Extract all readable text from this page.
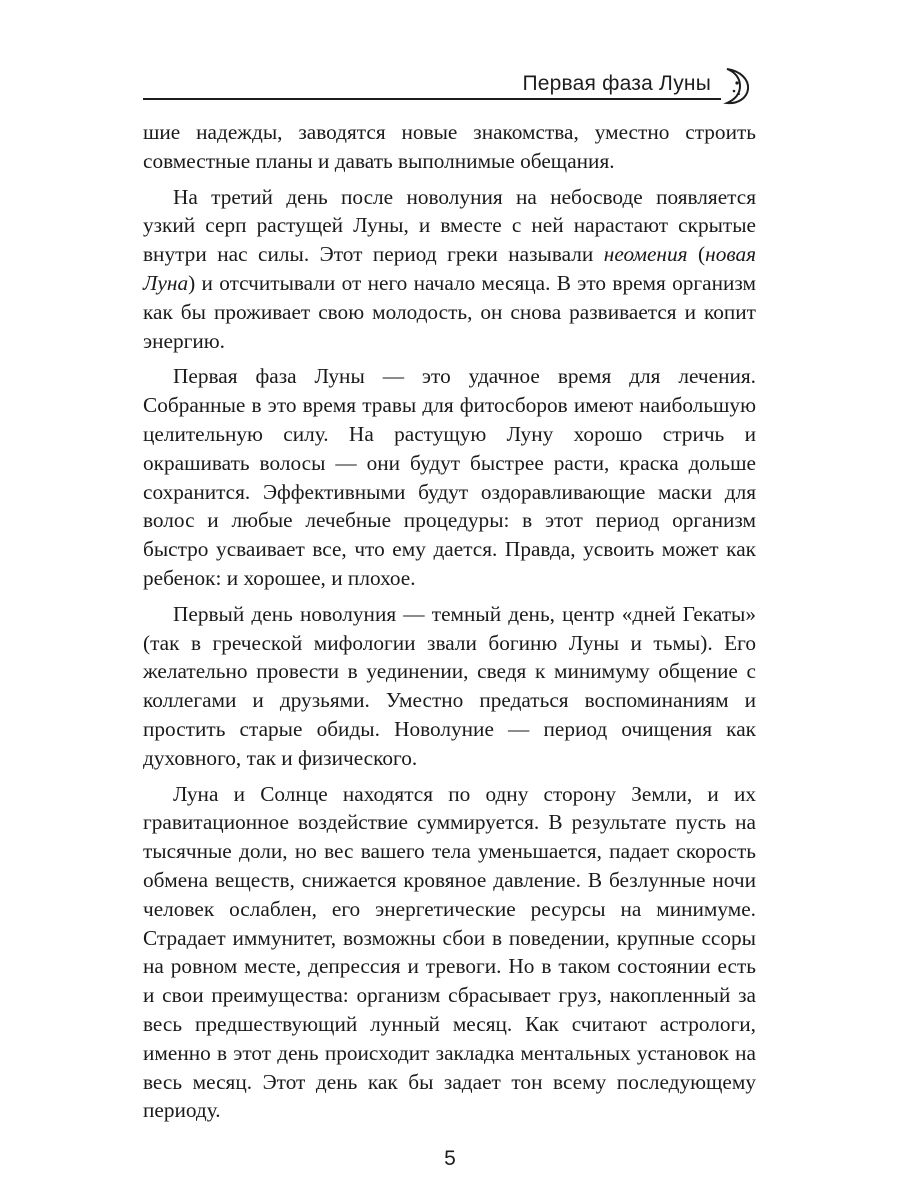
Первая фаза Луны

шие надежды, заводятся новые знакомства, уместно строить совместные планы и давать выполнимые обещания.

На третий день после новолуния на небосводе появляется узкий серп растущей Луны, и вместе с ней нарастают скрытые внутри нас силы. Этот период греки называли неомения (новая Луна) и отсчитывали от него начало месяца. В это время организм как бы проживает свою молодость, он снова развивается и копит энергию.

Первая фаза Луны — это удачное время для лечения. Собранные в это время травы для фитосборов имеют наибольшую целительную силу. На растущую Луну хорошо стричь и окрашивать волосы — они будут быстрее расти, краска дольше сохранится. Эффективными будут оздоравливающие маски для волос и любые лечебные процедуры: в этот период организм быстро усваивает все, что ему дается. Правда, усвоить может как ребенок: и хорошее, и плохое.

Первый день новолуния — темный день, центр «дней Гекаты» (так в греческой мифологии звали богиню Луны и тьмы). Его желательно провести в уединении, сведя к минимуму общение с коллегами и друзьями. Уместно предаться воспоминаниям и простить старые обиды. Новолуние — период очищения как духовного, так и физического.

Луна и Солнце находятся по одну сторону Земли, и их гравитационное воздействие суммируется. В результате пусть на тысячные доли, но вес вашего тела уменьшается, падает скорость обмена веществ, снижается кровяное давление. В безлунные ночи человек ослаблен, его энергетические ресурсы на минимуме. Страдает иммунитет, возможны сбои в поведении, крупные ссоры на ровном месте, депрессия и тревоги. Но в таком состоянии есть и свои преимущества: организм сбрасывает груз, накопленный за весь предшествующий лунный месяц. Как считают астрологи, именно в этот день происходит закладка ментальных установок на весь месяц. Этот день как бы задает тон всему последующему периоду.

5
